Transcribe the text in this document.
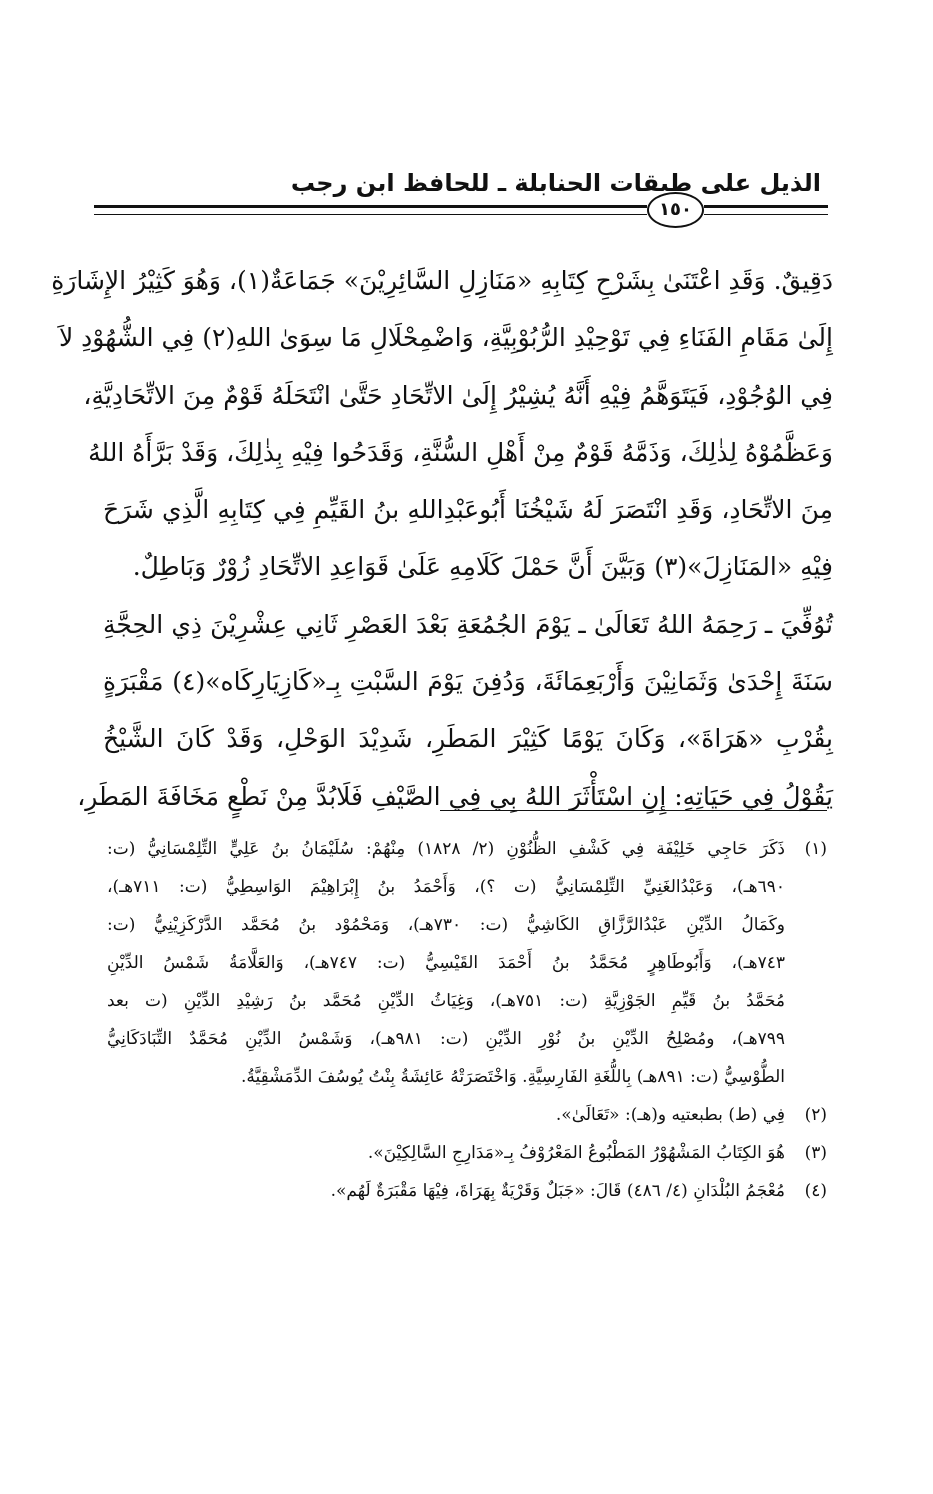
الذيل على طبقات الحنابلة ـ للحافظ ابن رجب
١٥٠
دَقِيقٌ. وَقَدِ اعْتَنَىٰ بِشَرْحِ كِتَابِهِ «مَنَازِلِ السَّائِرِيْنَ» جَمَاعَةٌ(١)، وَهُوَ كَثِيْرُ الإِشَارَةِ
إِلَىٰ مَقَامِ الفَنَاءِ فِي تَوْحِيْدِ الرُّبُوْبِيَّةِ، وَاضْمِحْلَالِ مَا سِوَىٰ اللهِ(٢) فِي الشُّهُوْدِ لاَ
فِي الوُجُوْدِ، فَيَتَوَهَّمُ فِيْهِ أَنَّهُ يُشِيْرُ إِلَىٰ الاتِّحَادِ حَتَّىٰ انْتَحَلَهُ قَوْمٌ مِنَ الاتِّحَادِيَّةِ،
وَعَظَّمُوْهُ لِذٰلِكَ، وَذَمَّهُ قَوْمٌ مِنْ أَهْلِ السُّنَّةِ، وَقَدَحُوا فِيْهِ بِذٰلِكَ، وَقَدْ بَرَّأَهُ اللهُ
مِنَ الاتِّحَادِ، وَقَدِ انْتَصَرَ لَهُ شَيْخُنَا أَبُوعَبْدِاللهِ بنُ القَيِّمِ فِي كِتَابِهِ الَّذِي شَرَحَ
فِيْهِ «المَنَازِلَ»(٣) وَبَيَّنَ أَنَّ حَمْلَ كَلَامِهِ عَلَىٰ قَوَاعِدِ الاتِّحَادِ زُوْرٌ وَبَاطِلٌ.
تُوُفِّيَ ـ رَحِمَهُ اللهُ تَعَالَىٰ ـ يَوْمَ الجُمُعَةِ بَعْدَ العَصْرِ ثَانِي عِشْرِيْنَ ذِي الحِجَّةِ
سَنَةَ إِحْدَىٰ وَثَمَانِيْنَ وَأَرْبَعِمَائَةَ، وَدُفِنَ يَوْمَ السَّبْتِ بِـ«كَازِيَارِكَاه»(٤) مَقْبَرَةٍ
بِقُرْبِ «هَرَاةَ»، وَكَانَ يَوْمًا كَثِيْرَ المَطَرِ، شَدِيْدَ الوَحْلِ، وَقَدْ كَانَ الشَّيْخُ
يَقُوْلُ فِي حَيَاتِهِ: إِنِ اسْتَأْثَرَ اللهُ بِي فِي الصَّيْفِ فَلَابُدَّ مِنْ نَطْعٍ مَخَافَةَ المَطَرِ،
(١)ذَكَرَ حَاجِي خَلِيْفَة فِي كَشْفِ الظُّنُوْنِ (٢/ ١٨٢٨) مِنْهُمْ: سُلَيْمَانُ بنُ عَلِيٍّ التِّلِمْسَانِيُّ (ت:
٦٩٠هـ)، وَعَبْدُالغَنِيِّ التِّلِمْسَانِيُّ (ت ؟)، وَأَحْمَدُ بنُ إِبْرَاهِيْمَ الوَاسِطِيُّ (ت: ٧١١هـ)،
وكَمَالُ الدِّيْنِ عَبْدُالرَّزَّاقِ الكَاشِيُّ (ت: ٧٣٠هـ)، وَمَحْمُوْد بنُ مُحَمَّد الدَّرْكَزِيْنِيُّ (ت:
٧٤٣هـ)، وَأَبُوطَاهِرٍ مُحَمَّدُ بنُ أَحْمَدَ القَيْسِيُّ (ت: ٧٤٧هـ)، وَالعَلَّامَةُ شَمْسُ الدِّيْنِ
مُحَمَّدُ بنُ قَيِّمِ الجَوْزِيَّةِ (ت: ٧٥١هـ)، وَغِيَاثُ الدِّيْنِ مُحَمَّد بنُ رَشِيْدِ الدِّيْنِ (ت بعد
٧٩٩هـ)، ومُصْلِحُ الدِّيْنِ بنُ نُوْرِ الدِّيْنِ (ت: ٩٨١هـ)، وَشَمْسُ الدِّيْنِ مُحَمَّدٌ التِّبَادَكَانِيُّ
الطُّوْسِيُّ (ت: ٨٩١هـ) بِاللُّغَةِ الفَارِسِيَّةِ. وَاخْتَصَرَتْهُ عَائِشَةُ بِنْتُ يُوسُفَ الدِّمَشْقِيَّةُ.
(٢)فِي (ط) بطبعتيه و(هـ): «تَعَالَىٰ».
(٣)هُوَ الكِتَابُ المَشْهُوْرُ المَطْبُوعُ المَعْرُوْفُ بِـ«مَدَارِجِ السَّالِكِيْنَ».
(٤)مُعْجَمُ البُلْدَانِ (٤/ ٤٨٦) قَالَ: «جَبَلٌ وَقَرْيَةٌ بِهَرَاةَ، فِيْهَا مَقْبَرَةٌ لَهُم».
